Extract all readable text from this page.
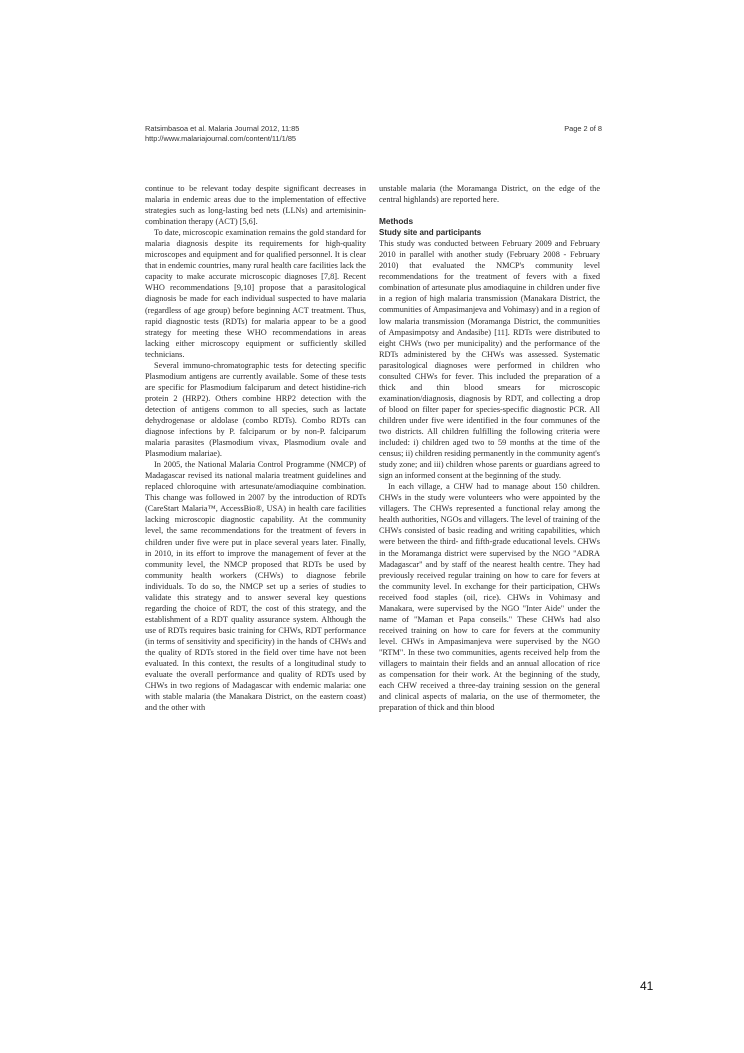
Ratsimbasoa et al. Malaria Journal 2012, 11:85
http://www.malariajournal.com/content/11/1/85
Page 2 of 8

continue to be relevant today despite significant decreases in malaria in endemic areas due to the implementation of effective strategies such as long-lasting bed nets (LLNs) and artemisinin-combination therapy (ACT) [5,6].

To date, microscopic examination remains the gold standard for malaria diagnosis despite its requirements for high-quality microscopes and equipment and for qualified personnel. It is clear that in endemic countries, many rural health care facilities lack the capacity to make accurate microscopic diagnoses [7,8]. Recent WHO recommendations [9,10] propose that a parasitological diagnosis be made for each individual suspected to have malaria (regardless of age group) before beginning ACT treatment. Thus, rapid diagnostic tests (RDTs) for malaria appear to be a good strategy for meeting these WHO recommendations in areas lacking either microscopy equipment or sufficiently skilled technicians.

Several immuno-chromatographic tests for detecting specific Plasmodium antigens are currently available. Some of these tests are specific for Plasmodium falciparum and detect histidine-rich protein 2 (HRP2). Others combine HRP2 detection with the detection of antigens common to all species, such as lactate dehydrogenase or aldolase (combo RDTs). Combo RDTs can diagnose infections by P. falciparum or by non-P. falciparum malaria parasites (Plasmodium vivax, Plasmodium ovale and Plasmodium malariae).

In 2005, the National Malaria Control Programme (NMCP) of Madagascar revised its national malaria treatment guidelines and replaced chloroquine with artesunate/amodiaquine combination. This change was followed in 2007 by the introduction of RDTs (CareStart Malaria™, AccessBio®, USA) in health care facilities lacking microscopic diagnostic capability. At the community level, the same recommendations for the treatment of fevers in children under five were put in place several years later. Finally, in 2010, in its effort to improve the management of fever at the community level, the NMCP proposed that RDTs be used by community health workers (CHWs) to diagnose febrile individuals. To do so, the NMCP set up a series of studies to validate this strategy and to answer several key questions regarding the choice of RDT, the cost of this strategy, and the establishment of a RDT quality assurance system. Although the use of RDTs requires basic training for CHWs, RDT performance (in terms of sensitivity and specificity) in the hands of CHWs and the quality of RDTs stored in the field over time have not been evaluated. In this context, the results of a longitudinal study to evaluate the overall performance and quality of RDTs used by CHWs in two regions of Madagascar with endemic malaria: one with stable malaria (the Manakara District, on the eastern coast) and the other with

unstable malaria (the Moramanga District, on the edge of the central highlands) are reported here.

Methods
Study site and participants

This study was conducted between February 2009 and February 2010 in parallel with another study (February 2008 - February 2010) that evaluated the NMCP's community level recommendations for the treatment of fevers with a fixed combination of artesunate plus amodiaquine in children under five in a region of high malaria transmission (Manakara District, the communities of Ampasimanjeva and Vohimasy) and in a region of low malaria transmission (Moramanga District, the communities of Ampasimpotsy and Andasibe) [11]. RDTs were distributed to eight CHWs (two per municipality) and the performance of the RDTs administered by the CHWs was assessed. Systematic parasitological diagnoses were performed in children who consulted CHWs for fever. This included the preparation of a thick and thin blood smears for microscopic examination/diagnosis, diagnosis by RDT, and collecting a drop of blood on filter paper for species-specific diagnostic PCR. All children under five were identified in the four communes of the two districts. All children fulfilling the following criteria were included: i) children aged two to 59 months at the time of the census; ii) children residing permanently in the community agent's study zone; and iii) children whose parents or guardians agreed to sign an informed consent at the beginning of the study.

In each village, a CHW had to manage about 150 children. CHWs in the study were volunteers who were appointed by the villagers. The CHWs represented a functional relay among the health authorities, NGOs and villagers. The level of training of the CHWs consisted of basic reading and writing capabilities, which were between the third- and fifth-grade educational levels. CHWs in the Moramanga district were supervised by the NGO "ADRA Madagascar" and by staff of the nearest health centre. They had previously received regular training on how to care for fevers at the community level. In exchange for their participation, CHWs received food staples (oil, rice). CHWs in Vohimasy and Manakara, were supervised by the NGO "Inter Aide" under the name of "Maman et Papa conseils." These CHWs had also received training on how to care for fevers at the community level. CHWs in Ampasimanjeva were supervised by the NGO "RTM". In these two communities, agents received help from the villagers to maintain their fields and an annual allocation of rice as compensation for their work. At the beginning of the study, each CHW received a three-day training session on the general and clinical aspects of malaria, on the use of thermometer, the preparation of thick and thin blood

41
